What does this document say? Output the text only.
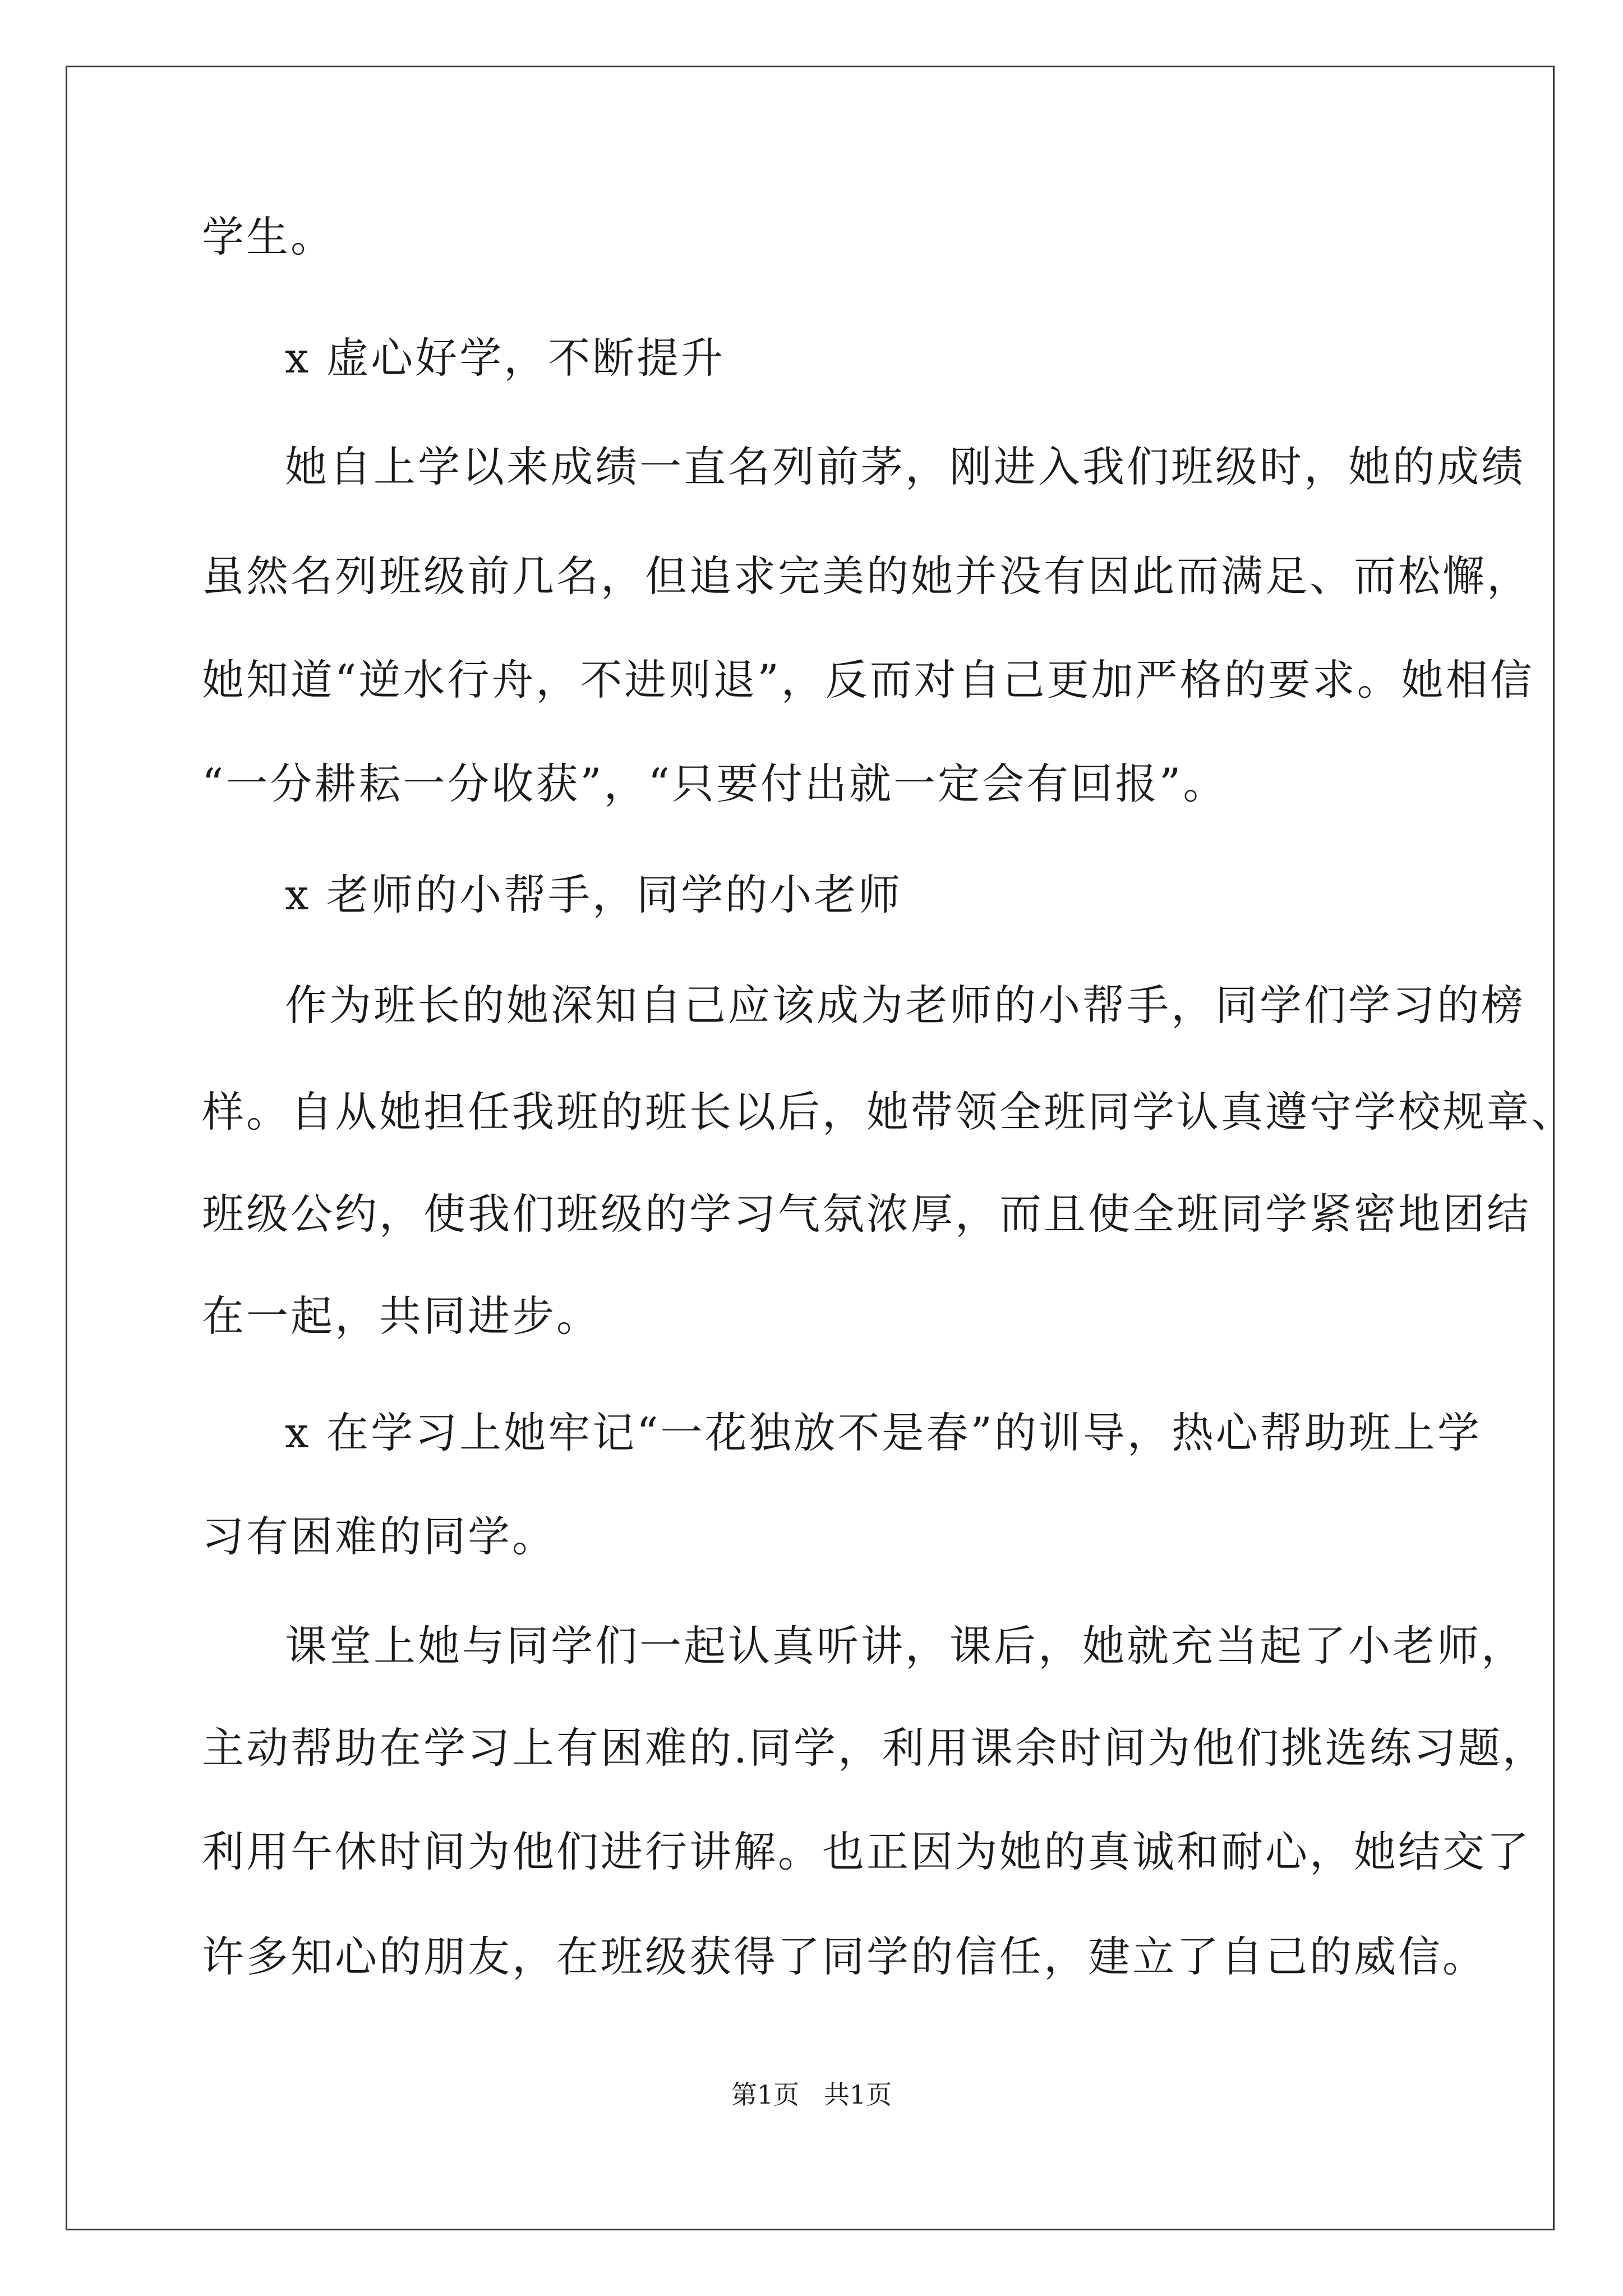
学生。
x 虚心好学，不断提升
她自上学以来成绩一直名列前茅，刚进入我们班级时，她的成绩
虽然名列班级前几名，但追求完美的她并没有因此而满足、而松懈，
她知道“逆水行舟，不进则退”，反而对自己更加严格的要求。她相信
“一分耕耘一分收获”，“只要付出就一定会有回报”。
x 老师的小帮手，同学的小老师
作为班长的她深知自己应该成为老师的小帮手，同学们学习的榜
样。自从她担任我班的班长以后，她带领全班同学认真遵守学校规章、
班级公约，使我们班级的学习气氛浓厚，而且使全班同学紧密地团结
在一起，共同进步。
x 在学习上她牢记“一花独放不是春”的训导，热心帮助班上学
习有困难的同学。
课堂上她与同学们一起认真听讲，课后，她就充当起了小老师，
主动帮助在学习上有困难的.同学，利用课余时间为他们挑选练习题，
利用午休时间为他们进行讲解。也正因为她的真诚和耐心，她结交了
许多知心的朋友，在班级获得了同学的信任，建立了自己的威信。
第1页   共1页
